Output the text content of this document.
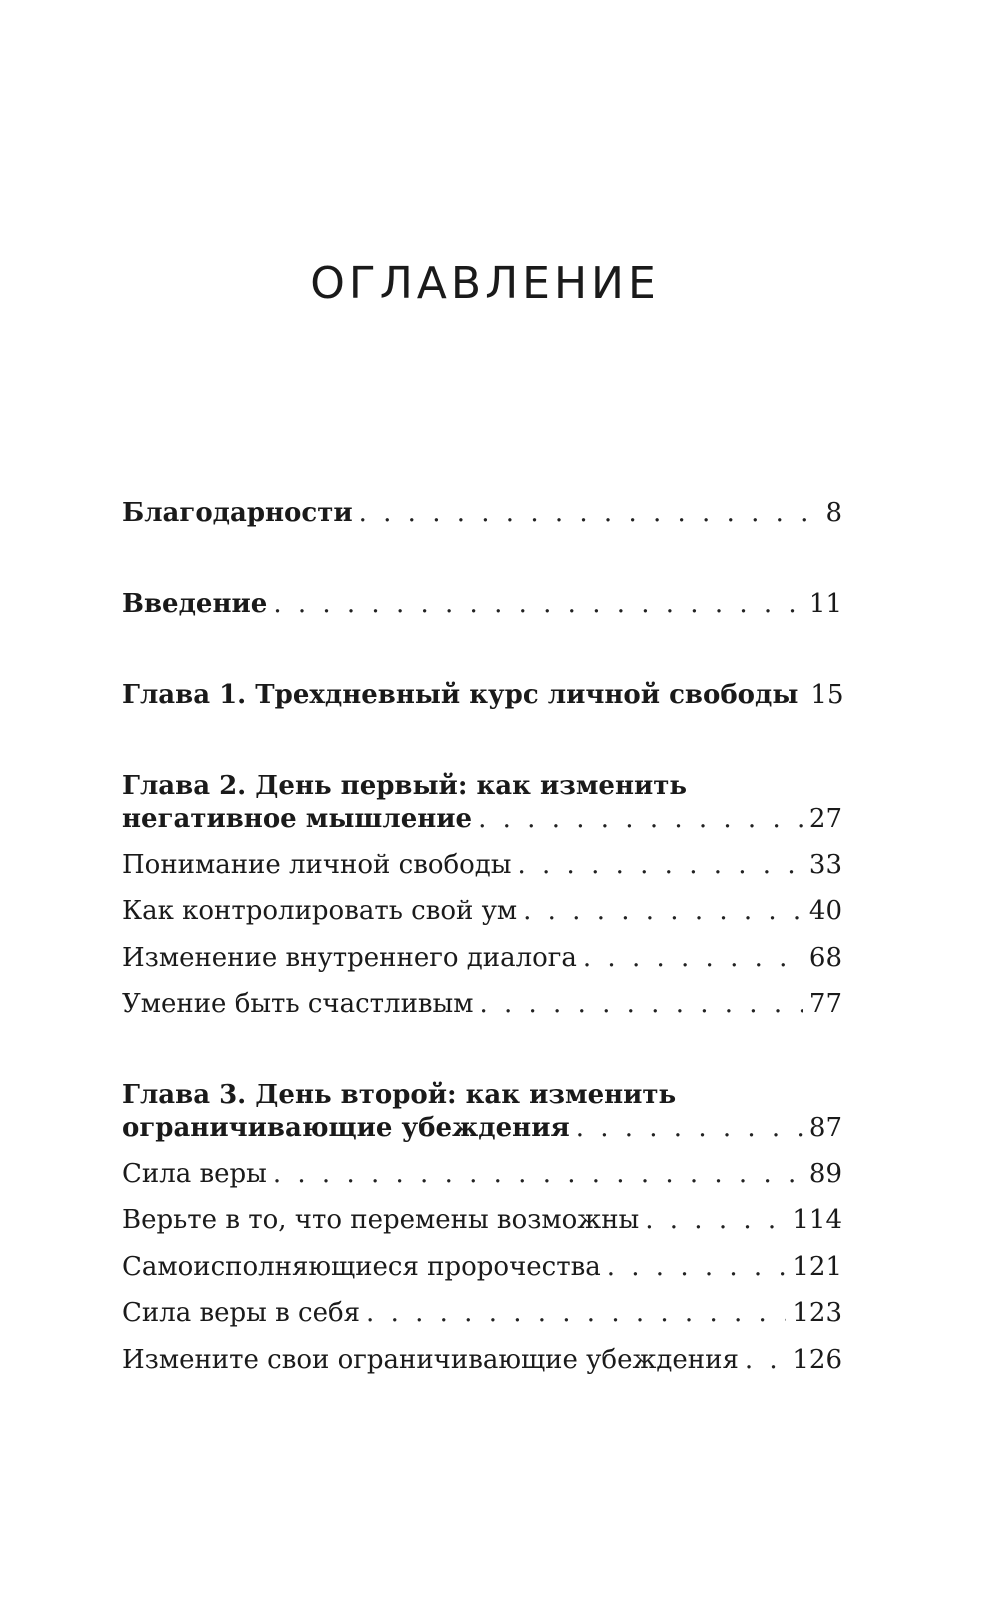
ОГЛАВЛЕНИЕ
Благодарности . . .	8
Введение . . .	11
Глава 1. Трехдневный курс личной свободы 15
Глава 2. День первый: как изменить
негативное мышление . . .	27
Понимание личной свободы . . .	33
Как контролировать свой ум . . .	40
Изменение внутреннего диалога . . .	68
Умение быть счастливым . . .	77
Глава 3. День второй: как изменить
ограничивающие убеждения . . .	87
Сила веры . . .	89
Верьте в то, что перемены возможны . . .	114
Самоисполняющиеся пророчества . . .	121
Сила веры в себя . . .	123
Измените свои ограничивающие убеждения . . . 126
